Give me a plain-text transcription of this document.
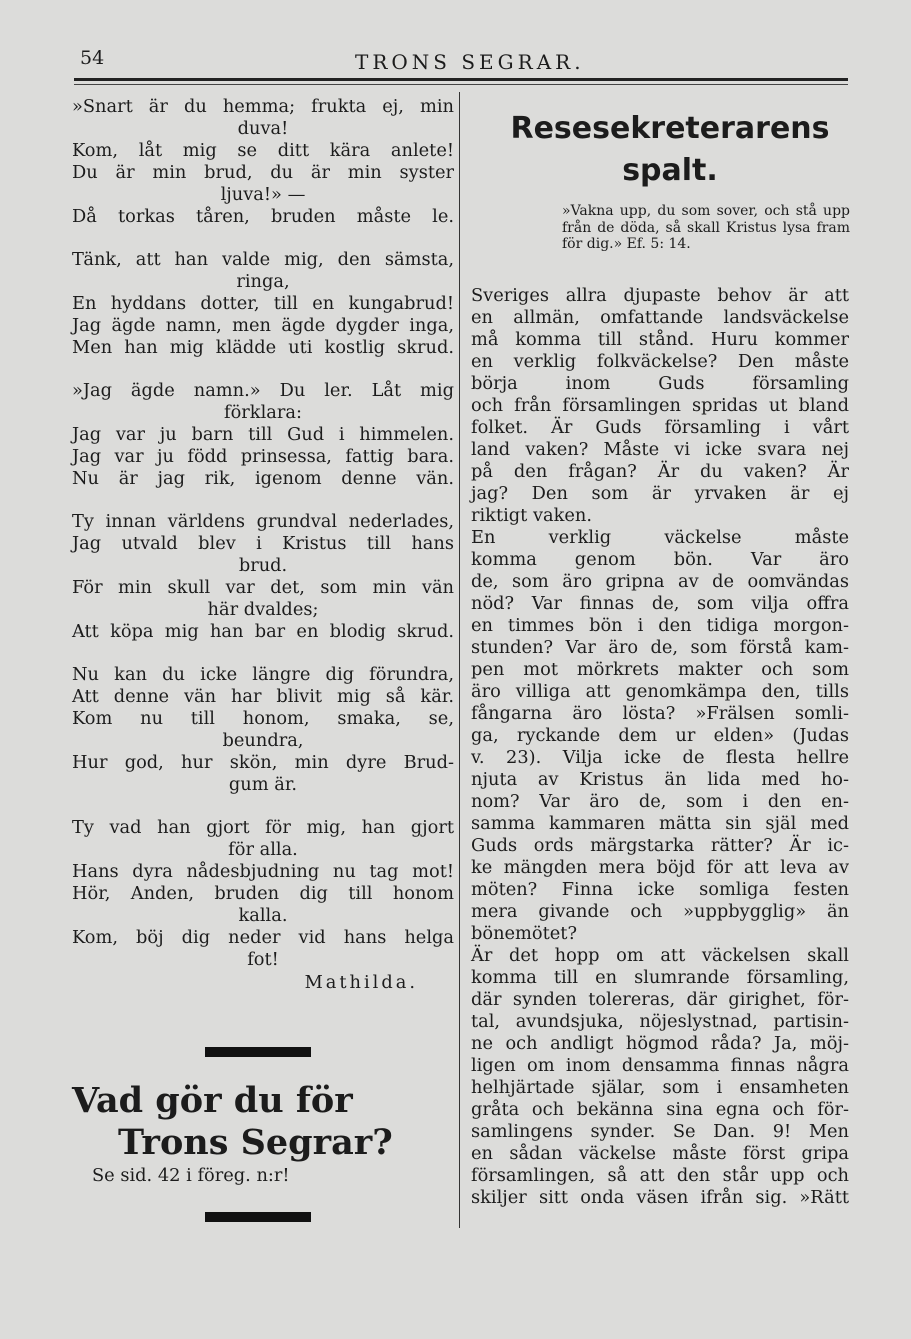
54	TRONS SEGRAR.
»Snart är du hemma; frukta ej, min
duva!
Kom, låt mig se ditt kära anlete!
Du är min brud, du är min syster
ljuva!» —
Då torkas tåren, bruden måste le.
Tänk, att han valde mig, den sämsta,
ringa,
En hyddans dotter, till en kungabrud!
Jag ägde namn, men ägde dygder inga,
Men han mig klädde uti kostlig skrud.
»Jag ägde namn.» Du ler. Låt mig
förklara:
Jag var ju barn till Gud i himmelen.
Jag var ju född prinsessa, fattig bara.
Nu är jag rik, igenom denne vän.
Ty innan världens grundval nederlades,
Jag utvald blev i Kristus till hans
brud.
För min skull var det, som min vän
här dvaldes;
Att köpa mig han bar en blodig skrud.
Nu kan du icke längre dig förundra,
Att denne vän har blivit mig så kär.
Kom nu till honom, smaka, se,
beundra,
Hur god, hur skön, min dyre Brud-
gum är.
Ty vad han gjort för mig, han gjort
för alla.
Hans dyra nådesbjudning nu tag mot!
Hör, Anden, bruden dig till honom
kalla.
Kom, böj dig neder vid hans helga
fot!
Mathilda.
Vad gör du för
Trons Segrar?
Se sid. 42 i föreg. n:r!
Resesekreterarens
spalt.
»Vakna upp, du som sover, och stå upp från de döda, så skall Kristus lysa fram för dig.» Ef. 5: 14.
Sveriges allra djupaste behov är att
en allmän, omfattande landsväckelse
må komma till stånd. Huru kommer
en verklig folkväckelse? Den måste
börja inom Guds församling
och från församlingen spridas ut bland
folket. Är Guds församling i vårt
land vaken? Måste vi icke svara nej
på den frågan? Är du vaken? Är
jag? Den som är yrvaken är ej
riktigt vaken.
En verklig väckelse måste
komma genom bön. Var äro
de, som äro gripna av de oomvändas
nöd? Var finnas de, som vilja offra
en timmes bön i den tidiga morgon-
stunden? Var äro de, som förstå kam-
pen mot mörkrets makter och som
äro villiga att genomkämpa den, tills
fångarna äro lösta? »Frälsen somli-
ga, ryckande dem ur elden» (Judas
v. 23). Vilja icke de flesta hellre
njuta av Kristus än lida med ho-
nom? Var äro de, som i den en-
samma kammaren mätta sin själ med
Guds ords märgstarka rätter? Är ic-
ke mängden mera böjd för att leva av
möten? Finna icke somliga festen
mera givande och »uppbygglig» än
bönemötet?
Är det hopp om att väckelsen skall
komma till en slumrande församling,
där synden tolereras, där girighet, för-
tal, avundsjuka, nöjeslystnad, partisin-
ne och andligt högmod råda? Ja, möj-
ligen om inom densamma finnas några
helhjärtade själar, som i ensamheten
gråta och bekänna sina egna och för-
samlingens synder. Se Dan. 9! Men
en sådan väckelse måste först gripa
församlingen, så att den står upp och
skiljer sitt onda väsen ifrån sig. »Rätt
